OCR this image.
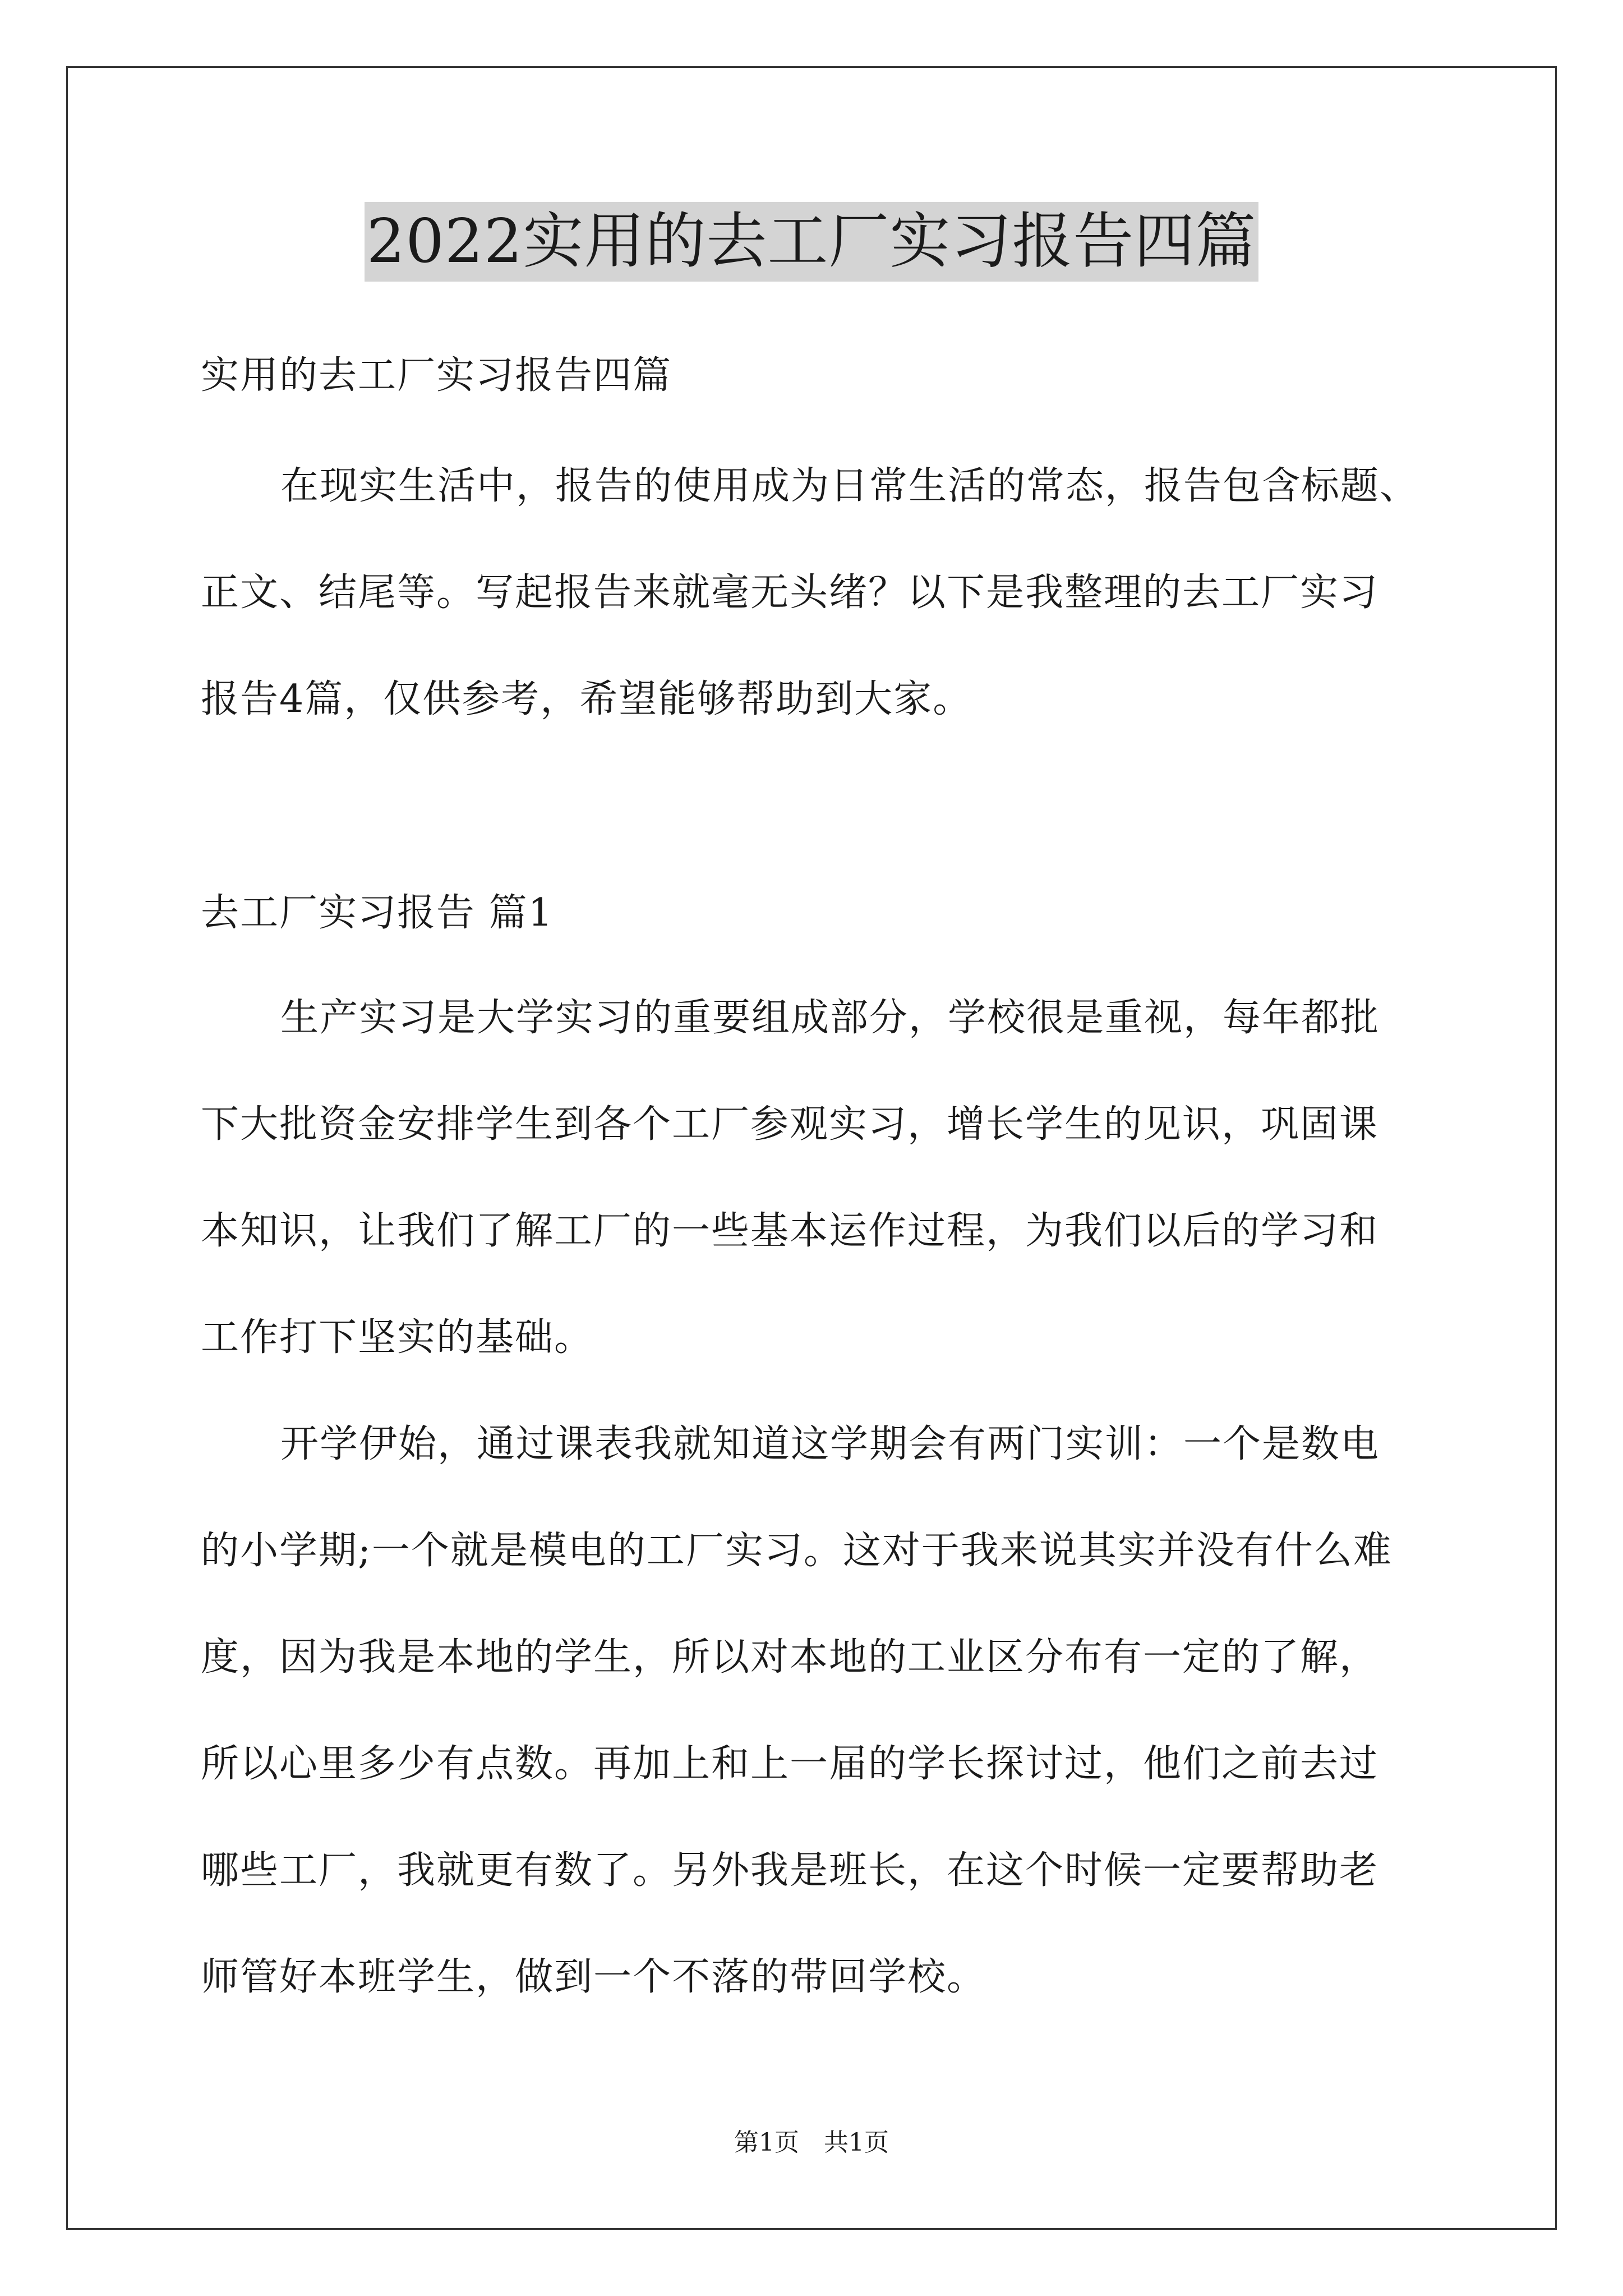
2022实用的去工厂实习报告四篇
实用的去工厂实习报告四篇
在现实生活中，报告的使用成为日常生活的常态，报告包含标题、
正文、结尾等。写起报告来就毫无头绪？以下是我整理的去工厂实习
报告4篇，仅供参考，希望能够帮助到大家。
去工厂实习报告 篇1
生产实习是大学实习的重要组成部分，学校很是重视，每年都批
下大批资金安排学生到各个工厂参观实习，增长学生的见识，巩固课
本知识，让我们了解工厂的一些基本运作过程，为我们以后的学习和
工作打下坚实的基础。
开学伊始，通过课表我就知道这学期会有两门实训：一个是数电
的小学期;一个就是模电的工厂实习。这对于我来说其实并没有什么难
度，因为我是本地的学生，所以对本地的工业区分布有一定的了解，
所以心里多少有点数。再加上和上一届的学长探讨过，他们之前去过
哪些工厂，我就更有数了。另外我是班长，在这个时候一定要帮助老
师管好本班学生，做到一个不落的带回学校。
第1页　共1页
